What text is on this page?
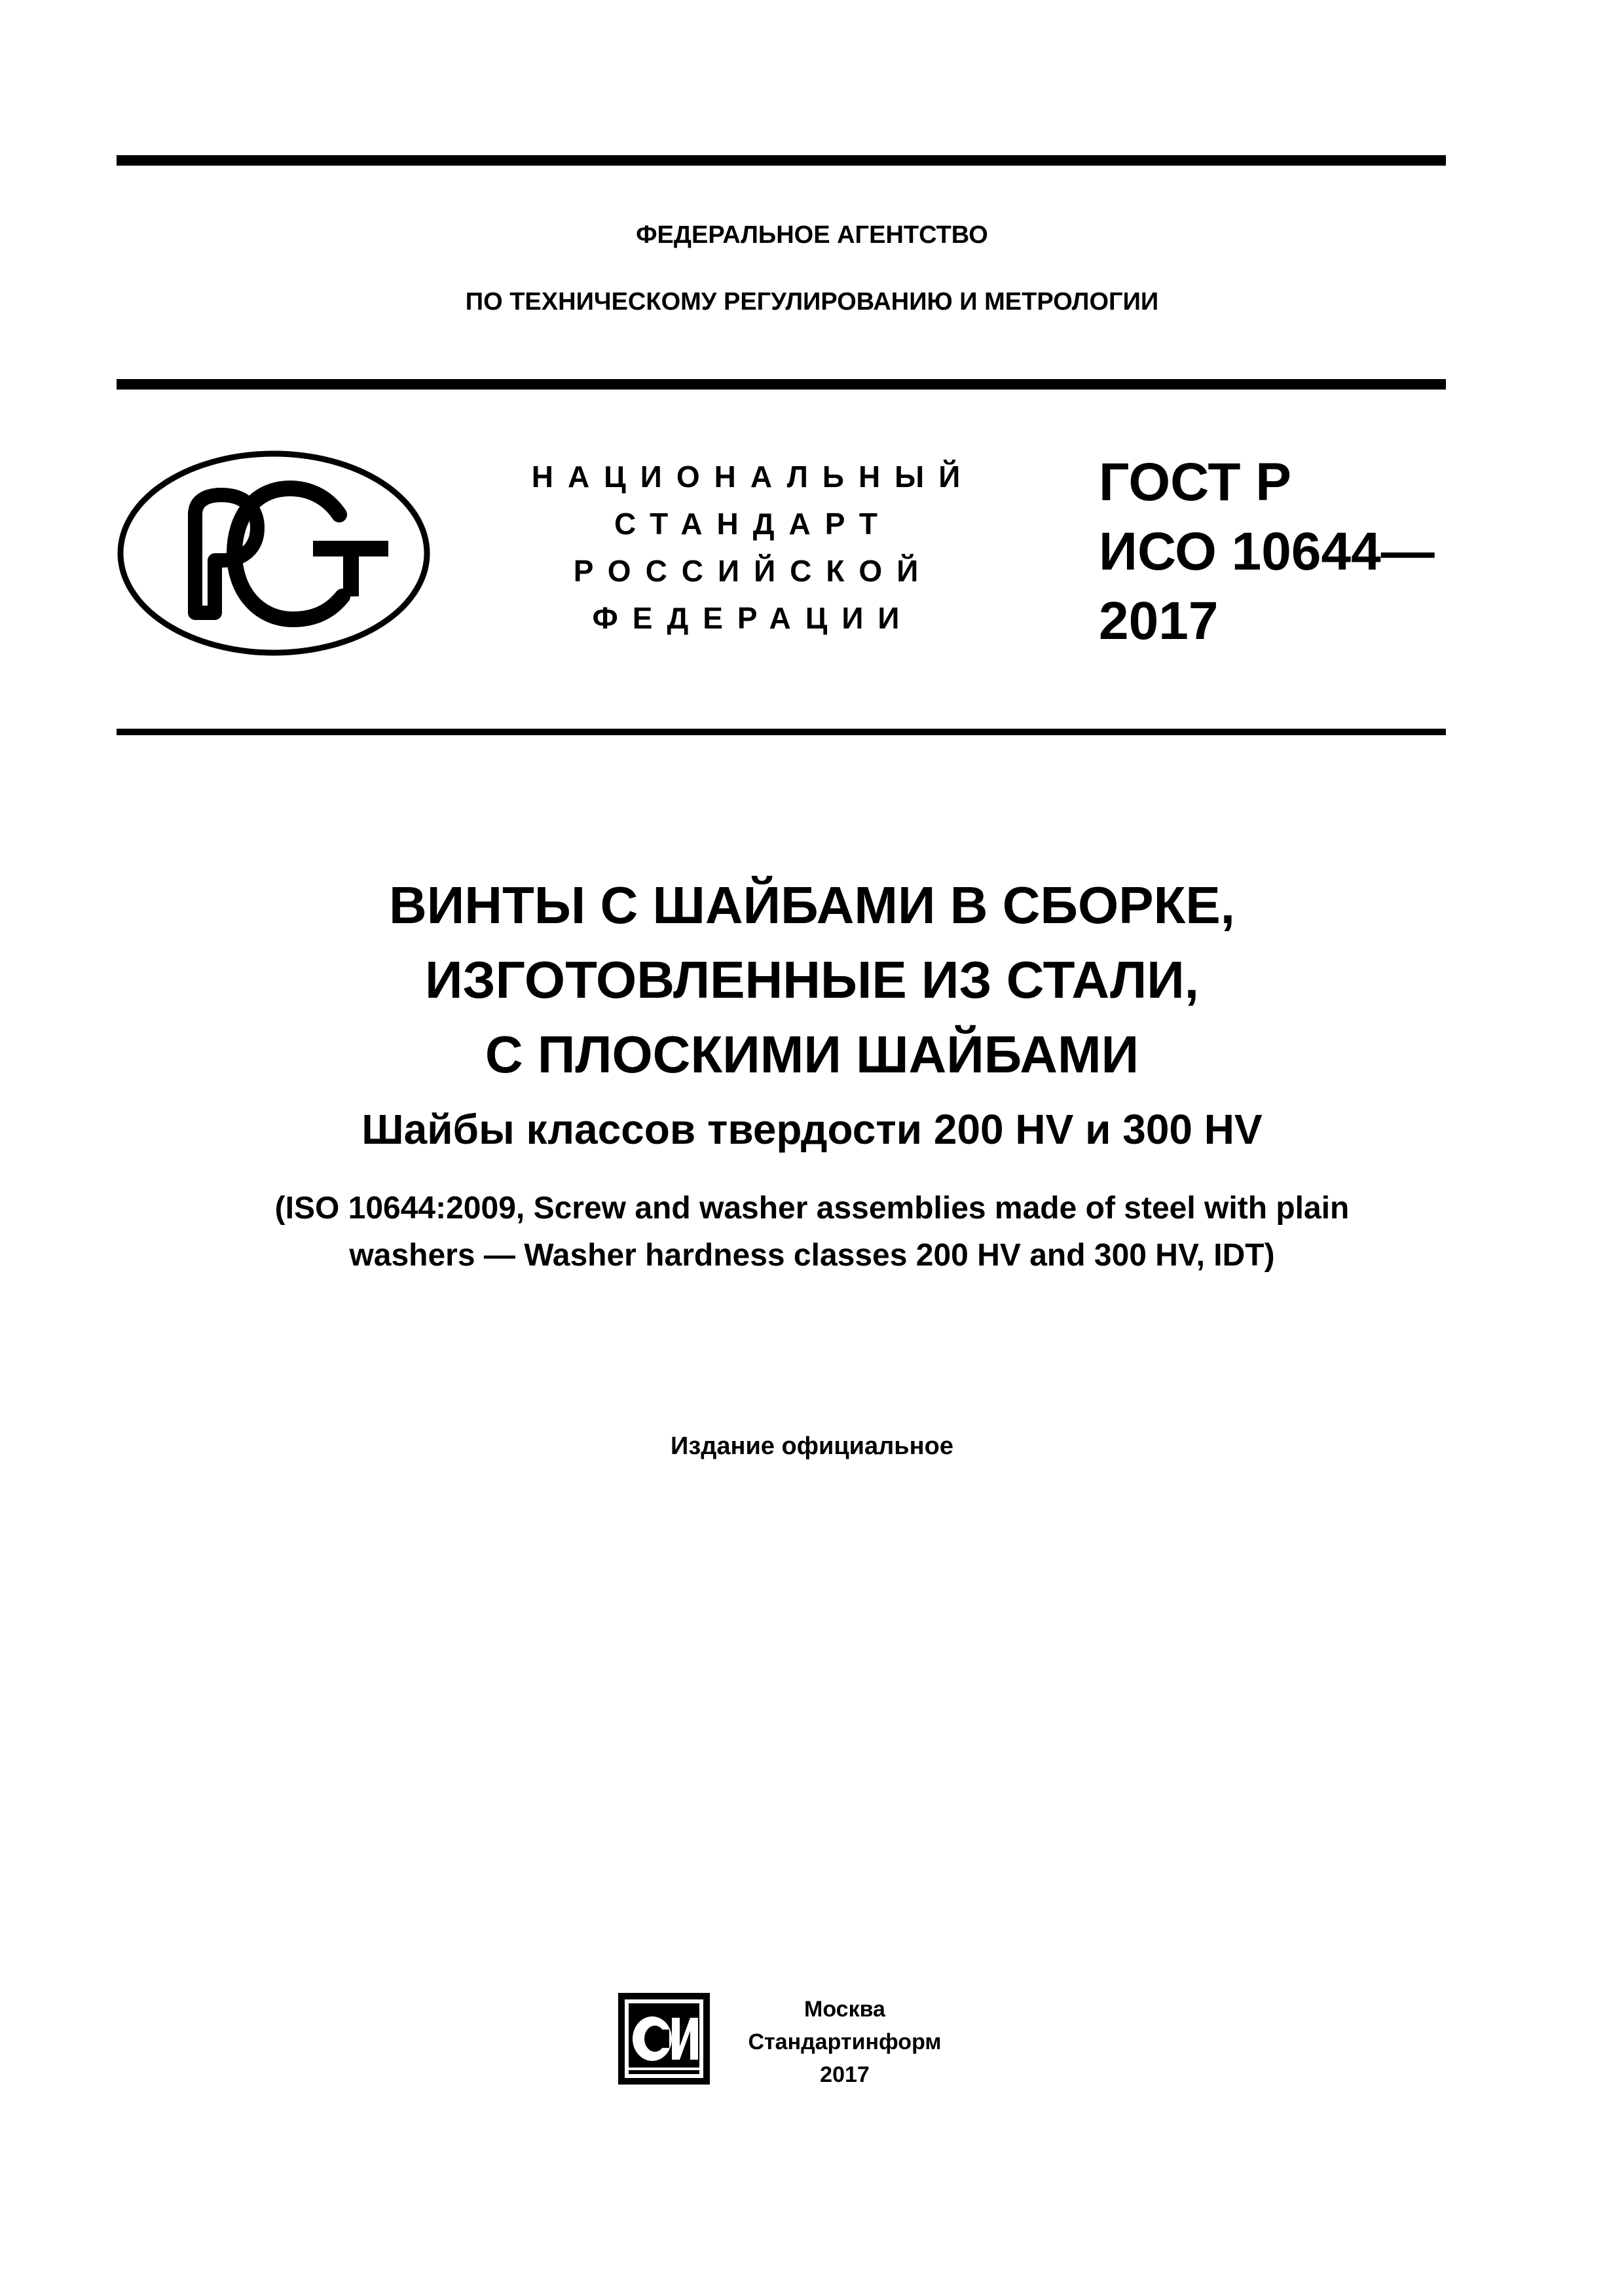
ФЕДЕРАЛЬНОЕ АГЕНТСТВО
ПО ТЕХНИЧЕСКОМУ РЕГУЛИРОВАНИЮ И МЕТРОЛОГИИ
НАЦИОНАЛЬНЫЙ
СТАНДАРТ
РОССИЙСКОЙ
ФЕДЕРАЦИИ
ГОСТ Р
ИСО 10644—
2017
ВИНТЫ С ШАЙБАМИ В СБОРКЕ,
ИЗГОТОВЛЕННЫЕ ИЗ СТАЛИ,
С ПЛОСКИМИ ШАЙБАМИ
Шайбы классов твердости 200 HV и 300 HV
(ISO 10644:2009, Screw and washer assemblies made of steel with plain
washers — Washer hardness classes 200 HV and 300 HV, IDT)
Издание официальное
Москва
Стандартинформ
2017
